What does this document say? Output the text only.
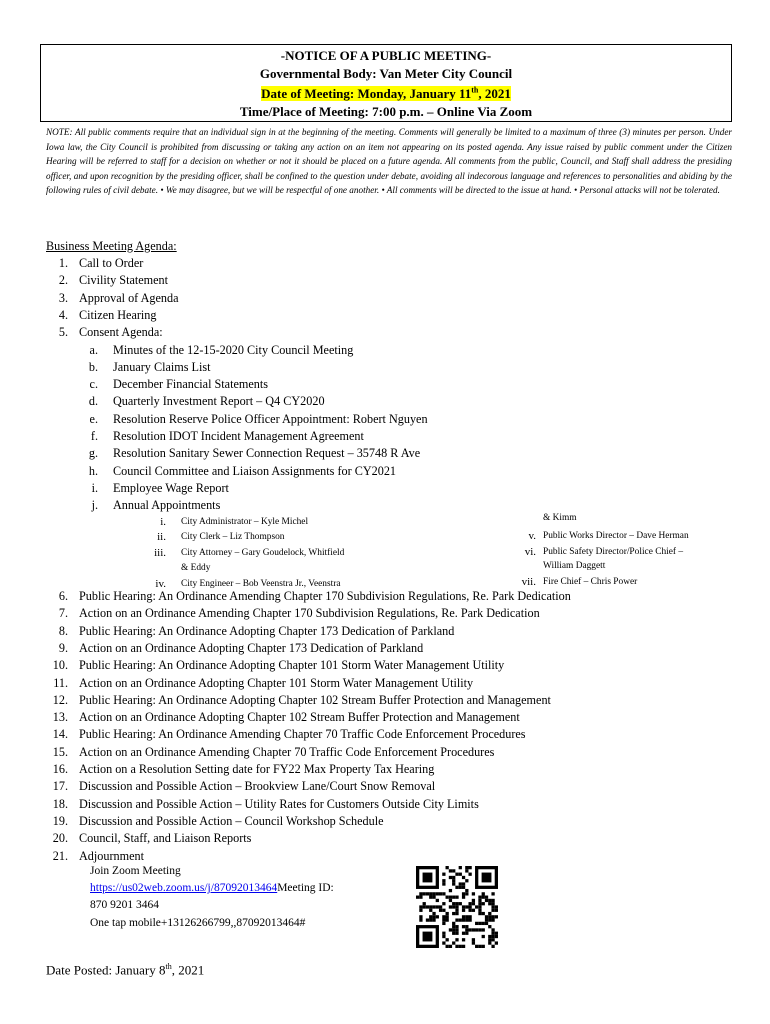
-NOTICE OF A PUBLIC MEETING-
Governmental Body: Van Meter City Council
Date of Meeting: Monday, January 11th, 2021
Time/Place of Meeting: 7:00 p.m. – Online Via Zoom
NOTE: All public comments require that an individual sign in at the beginning of the meeting. Comments will generally be limited to a maximum of three (3) minutes per person. Under Iowa law, the City Council is prohibited from discussing or taking any action on an item not appearing on its posted agenda. Any issue raised by public comment under the Citizen Hearing will be referred to staff for a decision on whether or not it should be placed on a future agenda. All comments from the public, Council, and Staff shall address the presiding officer, and upon recognition by the presiding officer, shall be confined to the question under debate, avoiding all indecorous language and references to personalities and abiding by the following rules of civil debate. • We may disagree, but we will be respectful of one another. • All comments will be directed to the issue at hand. • Personal attacks will not be tolerated.
Business Meeting Agenda:
1. Call to Order
2. Civility Statement
3. Approval of Agenda
4. Citizen Hearing
5. Consent Agenda:
a. Minutes of the 12-15-2020 City Council Meeting
b. January Claims List
c. December Financial Statements
d. Quarterly Investment Report – Q4 CY2020
e. Resolution Reserve Police Officer Appointment: Robert Nguyen
f. Resolution IDOT Incident Management Agreement
g. Resolution Sanitary Sewer Connection Request – 35748 R Ave
h. Council Committee and Liaison Assignments for CY2021
i. Employee Wage Report
j. Annual Appointments
i. City Administrator – Kyle Michel
ii. City Clerk – Liz Thompson
iii. City Attorney – Gary Goudelock, Whitfield
& Eddy
iv. City Engineer – Bob Veenstra Jr., Veenstra
& Kimm
v. Public Works Director – Dave Herman
vi. Public Safety Director/Police Chief –
William Daggett
vii. Fire Chief – Chris Power
6. Public Hearing: An Ordinance Amending Chapter 170 Subdivision Regulations, Re. Park Dedication
7. Action on an Ordinance Amending Chapter 170 Subdivision Regulations, Re. Park Dedication
8. Public Hearing: An Ordinance Adopting Chapter 173 Dedication of Parkland
9. Action on an Ordinance Adopting Chapter 173 Dedication of Parkland
10. Public Hearing: An Ordinance Adopting Chapter 101 Storm Water Management Utility
11. Action on an Ordinance Adopting Chapter 101 Storm Water Management Utility
12. Public Hearing: An Ordinance Adopting Chapter 102 Stream Buffer Protection and Management
13. Action on an Ordinance Adopting Chapter 102 Stream Buffer Protection and Management
14. Public Hearing: An Ordinance Amending Chapter 70 Traffic Code Enforcement Procedures
15. Action on an Ordinance Amending Chapter 70 Traffic Code Enforcement Procedures
16. Action on a Resolution Setting date for FY22 Max Property Tax Hearing
17. Discussion and Possible Action – Brookview Lane/Court Snow Removal
18. Discussion and Possible Action – Utility Rates for Customers Outside City Limits
19. Discussion and Possible Action – Council Workshop Schedule
20. Council, Staff, and Liaison Reports
21. Adjournment
Join Zoom Meeting
https://us02web.zoom.us/j/87092013464Meeting ID:
870 9201 3464
One tap mobile+13126266799,,87092013464#
Date Posted: January 8th, 2021
